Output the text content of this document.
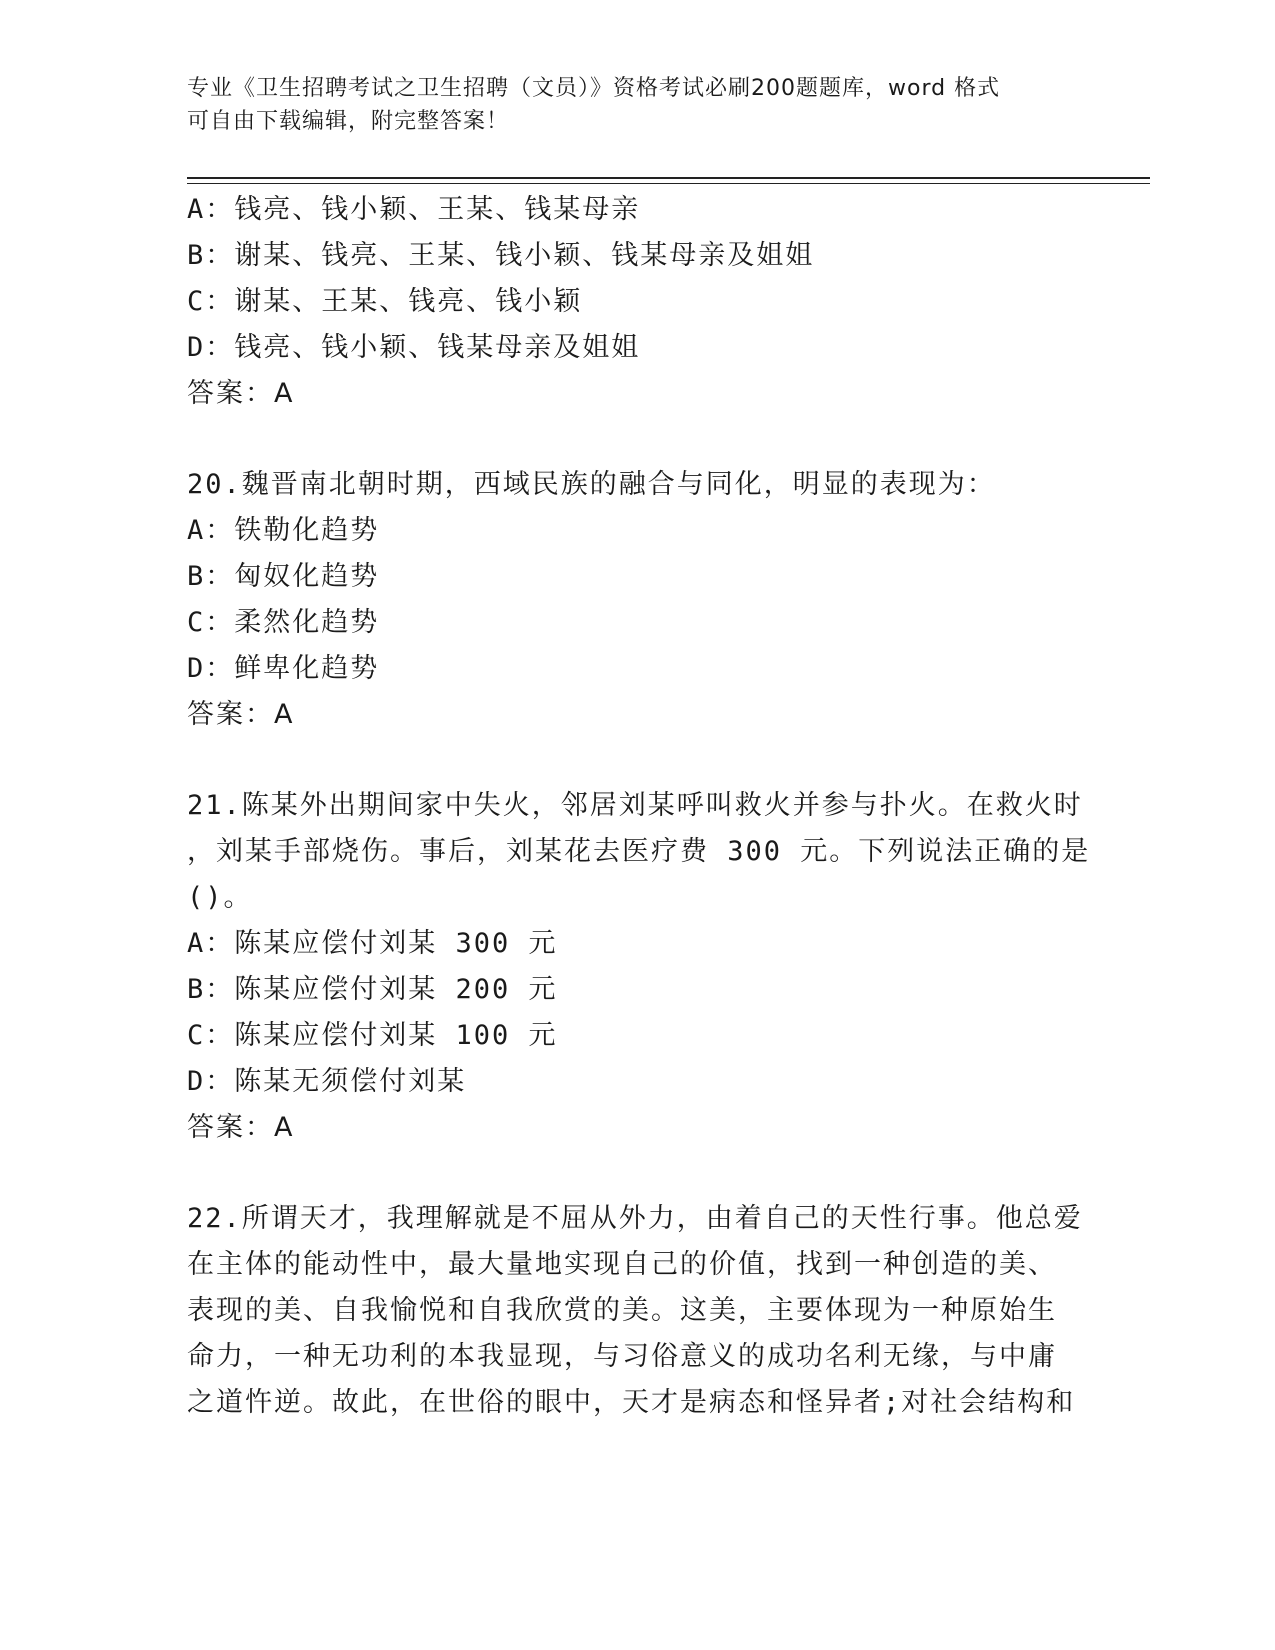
专业《卫生招聘考试之卫生招聘（文员）》资格考试必刷200题题库，word 格式
可自由下载编辑，附完整答案！
A：钱亮、钱小颖、王某、钱某母亲
B：谢某、钱亮、王某、钱小颖、钱某母亲及姐姐
C：谢某、王某、钱亮、钱小颖
D：钱亮、钱小颖、钱某母亲及姐姐
答案：A
20.魏晋南北朝时期，西域民族的融合与同化，明显的表现为：
A：铁勒化趋势
B：匈奴化趋势
C：柔然化趋势
D：鲜卑化趋势
答案：A
21.陈某外出期间家中失火，邻居刘某呼叫救火并参与扑火。在救火时
，刘某手部烧伤。事后，刘某花去医疗费 300 元。下列说法正确的是
()。
A：陈某应偿付刘某 300 元
B：陈某应偿付刘某 200 元
C：陈某应偿付刘某 100 元
D：陈某无须偿付刘某
答案：A
22.所谓天才，我理解就是不屈从外力，由着自己的天性行事。他总爱
在主体的能动性中，最大量地实现自己的价值，找到一种创造的美、
表现的美、自我愉悦和自我欣赏的美。这美，主要体现为一种原始生
命力，一种无功利的本我显现，与习俗意义的成功名利无缘，与中庸
之道忤逆。故此，在世俗的眼中，天才是病态和怪异者;对社会结构和
